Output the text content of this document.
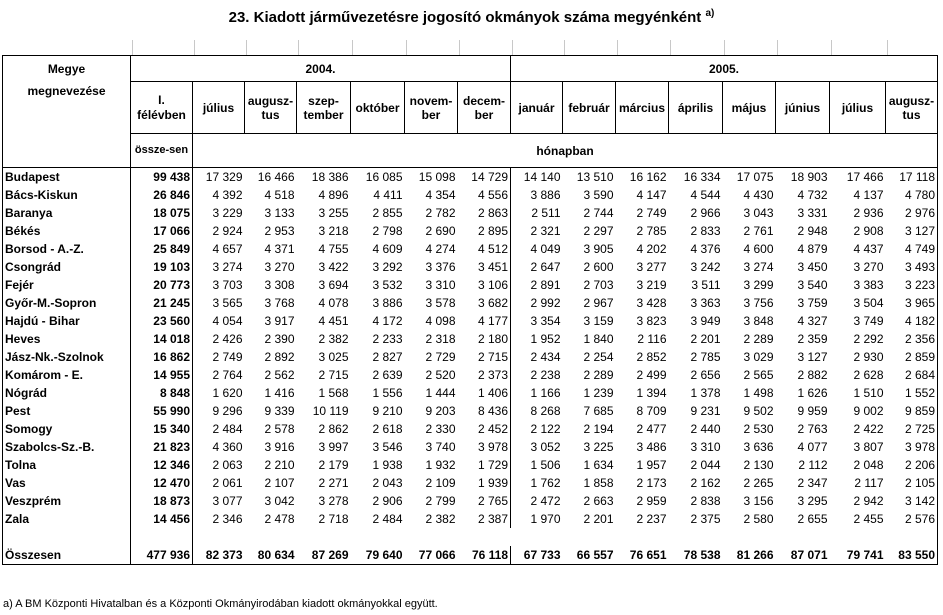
23. Kiadott járművezetésre jogosító okmányok száma megyénként $^{a)}$
Megye	2004.							2005.							
megnevezése	I. félévben	július	augusz-tus	szep-tember	október	novem-ber	decem-ber	január	február	március	április	május	június	július	augusz-tus
	össze-sen	hónapban													
Budapest	99 438	17 329	16 466	18 386	16 085	15 098	14 729	14 140	13 510	16 162	16 334	17 075	18 903	17 466	17 118
Bács-Kiskun	26 846	4 392	4 518	4 896	4 411	4 354	4 556	3 886	3 590	4 147	4 544	4 430	4 732	4 137	4 780
Baranya	18 075	3 229	3 133	3 255	2 855	2 782	2 863	2 511	2 744	2 749	2 966	3 043	3 331	2 936	2 976
Békés	17 066	2 924	2 953	3 218	2 798	2 690	2 895	2 321	2 297	2 785	2 833	2 761	2 948	2 908	3 127
Borsod - A.-Z.	25 849	4 657	4 371	4 755	4 609	4 274	4 512	4 049	3 905	4 202	4 376	4 600	4 879	4 437	4 749
Csongrád	19 103	3 274	3 270	3 422	3 292	3 376	3 451	2 647	2 600	3 277	3 242	3 274	3 450	3 270	3 493
Fejér	20 773	3 703	3 308	3 694	3 532	3 310	3 106	2 891	2 703	3 219	3 511	3 299	3 540	3 383	3 223
Győr-M.-Sopron	21 245	3 565	3 768	4 078	3 886	3 578	3 682	2 992	2 967	3 428	3 363	3 756	3 759	3 504	3 965
Hajdú - Bihar	23 560	4 054	3 917	4 451	4 172	4 098	4 177	3 354	3 159	3 823	3 949	3 848	4 327	3 749	4 182
Heves	14 018	2 426	2 390	2 382	2 233	2 318	2 180	1 952	1 840	2 116	2 201	2 289	2 359	2 292	2 356
Jász-Nk.-Szolnok	16 862	2 749	2 892	3 025	2 827	2 729	2 715	2 434	2 254	2 852	2 785	3 029	3 127	2 930	2 859
Komárom - E.	14 955	2 764	2 562	2 715	2 639	2 520	2 373	2 238	2 289	2 499	2 656	2 565	2 882	2 628	2 684
Nógrád	8 848	1 620	1 416	1 568	1 556	1 444	1 406	1 166	1 239	1 394	1 378	1 498	1 626	1 510	1 552
Pest	55 990	9 296	9 339	10 119	9 210	9 203	8 436	8 268	7 685	8 709	9 231	9 502	9 959	9 002	9 859
Somogy	15 340	2 484	2 578	2 862	2 618	2 330	2 452	2 122	2 194	2 477	2 440	2 530	2 763	2 422	2 725
Szabolcs-Sz.-B.	21 823	4 360	3 916	3 997	3 546	3 740	3 978	3 052	3 225	3 486	3 310	3 636	4 077	3 807	3 978
Tolna	12 346	2 063	2 210	2 179	1 938	1 932	1 729	1 506	1 634	1 957	2 044	2 130	2 112	2 048	2 206
Vas	12 470	2 061	2 107	2 271	2 043	2 109	1 939	1 762	1 858	2 173	2 162	2 265	2 347	2 117	2 105
Veszprém	18 873	3 077	3 042	3 278	2 906	2 799	2 765	2 472	2 663	2 959	2 838	3 156	3 295	2 942	3 142
Zala	14 456	2 346	2 478	2 718	2 484	2 382	2 387	1 970	2 201	2 237	2 375	2 580	2 655	2 455	2 576

Összesen	477 936	82 373	80 634	87 269	79 640	77 066	76 118	67 733	66 557	76 651	78 538	81 266	87 071	79 741	83 550
a) A BM Központi Hivatalban és a Központi Okmányirodában kiadott okmányokkal együtt.
